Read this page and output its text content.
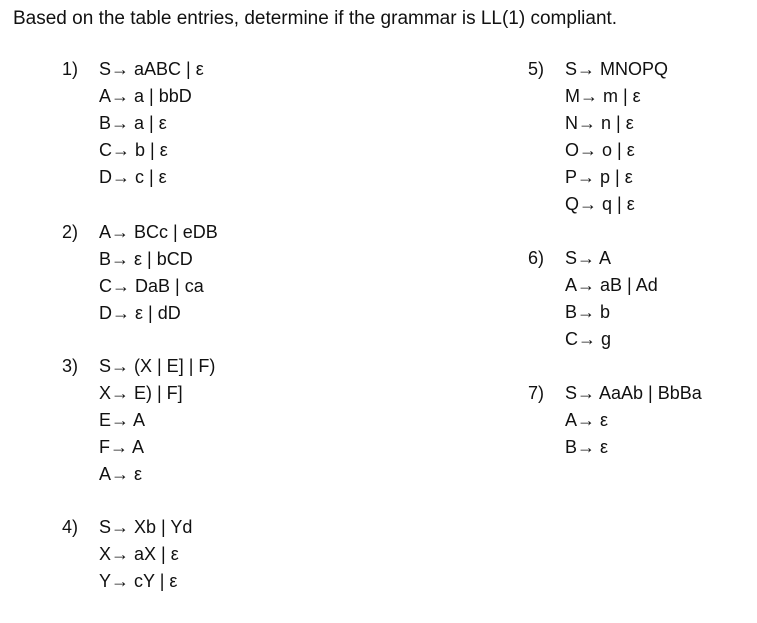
Based on the table entries, determine if the grammar is LL(1) compliant.
1) S→ aABC | ε
A→ a | bbD
B→ a | ε
C→ b | ε
D→ c | ε
2) A→ BCc | eDB
B→ ε | bCD
C→ DaB | ca
D→ ε | dD
3) S→ (X | E] | F)
X→ E) | F]
E→ A
F→ A
A→ ε
4) S→ Xb | Yd
X→ aX | ε
Y→ cY | ε
5) S→ MNOPQ
M→ m | ε
N→ n | ε
O→ o | ε
P→ p | ε
Q→ q | ε
6) S→ A
A→ aB | Ad
B→ b
C→ g
7) S→ AaAb | BbBa
A→ ε
B→ ε
